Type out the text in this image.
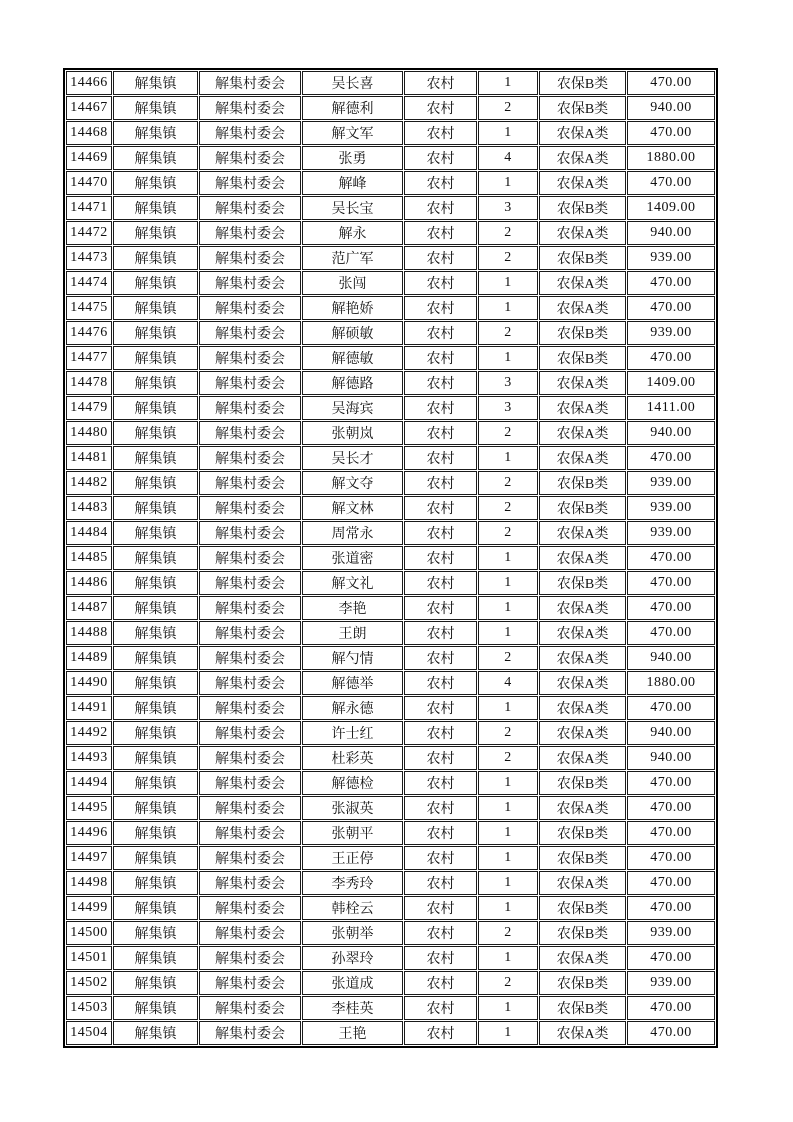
14466	解集镇	解集村委会	吴长喜	农村	1	农保B类	470.00
14467	解集镇	解集村委会	解德利	农村	2	农保B类	940.00
14468	解集镇	解集村委会	解文军	农村	1	农保A类	470.00
14469	解集镇	解集村委会	张勇	农村	4	农保A类	1880.00
14470	解集镇	解集村委会	解峰	农村	1	农保A类	470.00
14471	解集镇	解集村委会	吴长宝	农村	3	农保B类	1409.00
14472	解集镇	解集村委会	解永	农村	2	农保A类	940.00
14473	解集镇	解集村委会	范广军	农村	2	农保B类	939.00
14474	解集镇	解集村委会	张闯	农村	1	农保A类	470.00
14475	解集镇	解集村委会	解艳娇	农村	1	农保A类	470.00
14476	解集镇	解集村委会	解硕敏	农村	2	农保B类	939.00
14477	解集镇	解集村委会	解德敏	农村	1	农保B类	470.00
14478	解集镇	解集村委会	解德路	农村	3	农保A类	1409.00
14479	解集镇	解集村委会	吴海宾	农村	3	农保A类	1411.00
14480	解集镇	解集村委会	张朝岚	农村	2	农保A类	940.00
14481	解集镇	解集村委会	吴长才	农村	1	农保A类	470.00
14482	解集镇	解集村委会	解文夺	农村	2	农保B类	939.00
14483	解集镇	解集村委会	解文林	农村	2	农保B类	939.00
14484	解集镇	解集村委会	周常永	农村	2	农保A类	939.00
14485	解集镇	解集村委会	张道密	农村	1	农保A类	470.00
14486	解集镇	解集村委会	解文礼	农村	1	农保B类	470.00
14487	解集镇	解集村委会	李艳	农村	1	农保A类	470.00
14488	解集镇	解集村委会	王朗	农村	1	农保A类	470.00
14489	解集镇	解集村委会	解勺情	农村	2	农保A类	940.00
14490	解集镇	解集村委会	解德举	农村	4	农保A类	1880.00
14491	解集镇	解集村委会	解永德	农村	1	农保A类	470.00
14492	解集镇	解集村委会	许士红	农村	2	农保A类	940.00
14493	解集镇	解集村委会	杜彩英	农村	2	农保A类	940.00
14494	解集镇	解集村委会	解德检	农村	1	农保B类	470.00
14495	解集镇	解集村委会	张淑英	农村	1	农保A类	470.00
14496	解集镇	解集村委会	张朝平	农村	1	农保B类	470.00
14497	解集镇	解集村委会	王正停	农村	1	农保B类	470.00
14498	解集镇	解集村委会	李秀玲	农村	1	农保A类	470.00
14499	解集镇	解集村委会	韩栓云	农村	1	农保B类	470.00
14500	解集镇	解集村委会	张朝举	农村	2	农保B类	939.00
14501	解集镇	解集村委会	孙翠玲	农村	1	农保A类	470.00
14502	解集镇	解集村委会	张道成	农村	2	农保B类	939.00
14503	解集镇	解集村委会	李桂英	农村	1	农保B类	470.00
14504	解集镇	解集村委会	王艳	农村	1	农保A类	470.00
